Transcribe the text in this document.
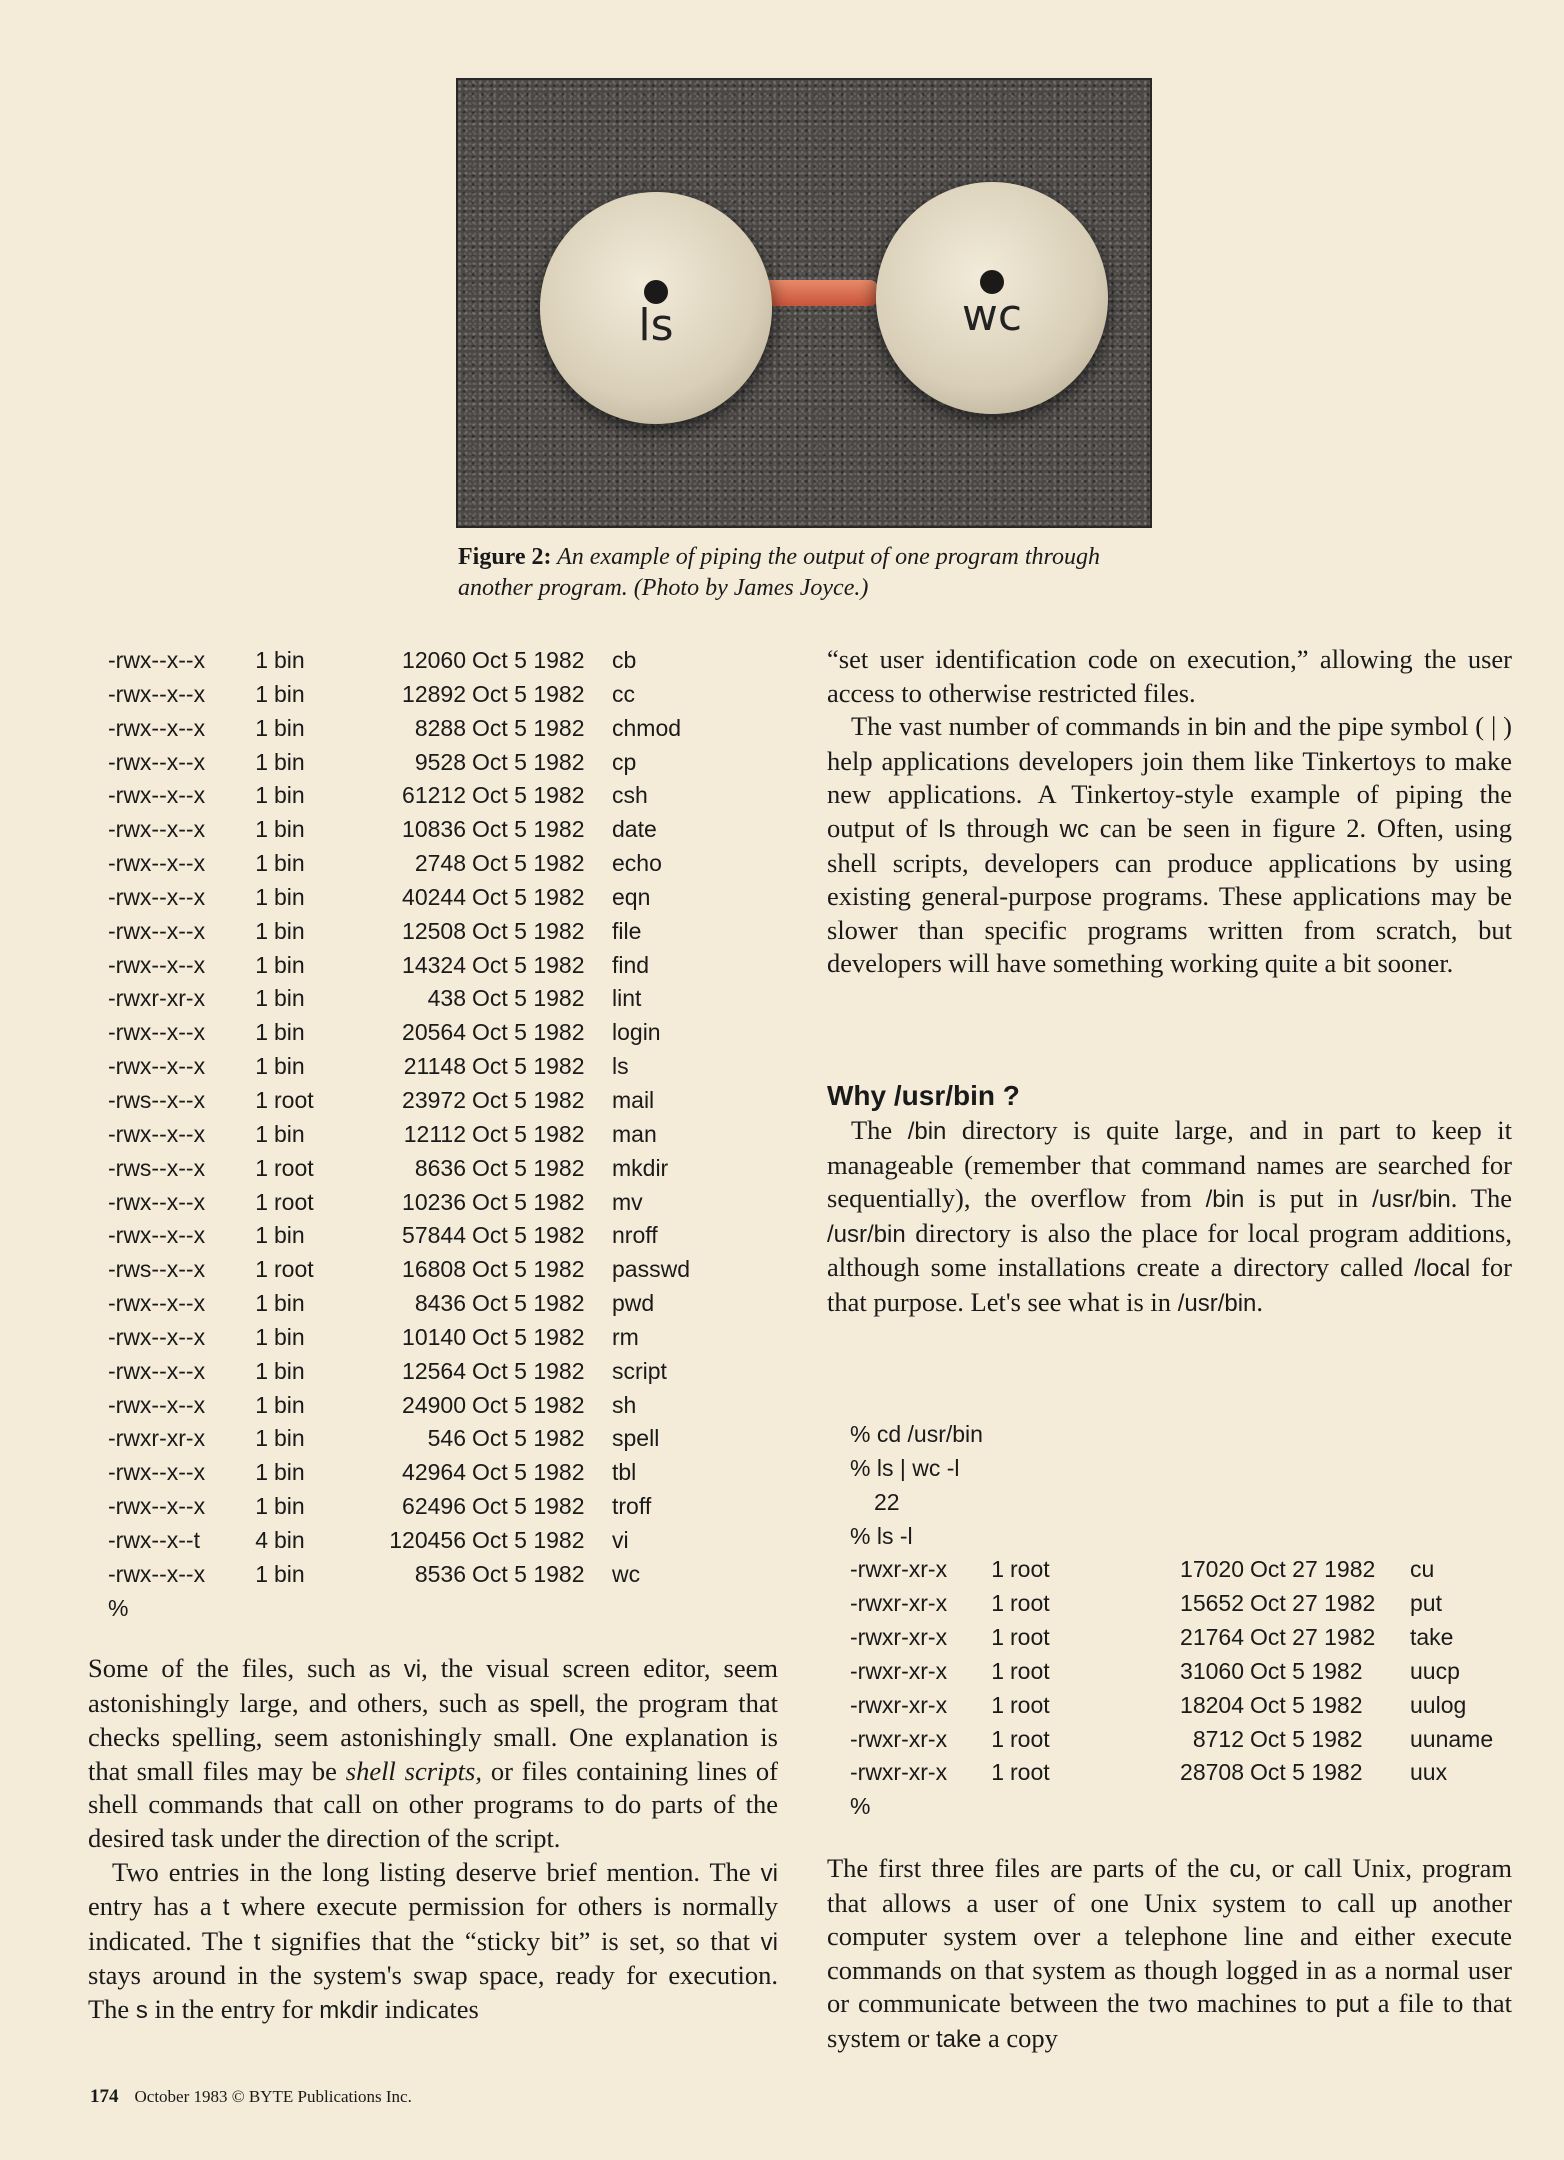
ls	wc
Figure 2: An example of piping the output of one program through another program. (Photo by James Joyce.)
-rwx--x--x	1 bin	12060 Oct 5 1982	cb
-rwx--x--x	1 bin	12892 Oct 5 1982	cc
-rwx--x--x	1 bin	8288 Oct 5 1982	chmod
-rwx--x--x	1 bin	9528 Oct 5 1982	cp
-rwx--x--x	1 bin	61212 Oct 5 1982	csh
-rwx--x--x	1 bin	10836 Oct 5 1982	date
-rwx--x--x	1 bin	2748 Oct 5 1982	echo
-rwx--x--x	1 bin	40244 Oct 5 1982	eqn
-rwx--x--x	1 bin	12508 Oct 5 1982	file
-rwx--x--x	1 bin	14324 Oct 5 1982	find
-rwxr-xr-x	1 bin	438 Oct 5 1982	lint
-rwx--x--x	1 bin	20564 Oct 5 1982	login
-rwx--x--x	1 bin	21148 Oct 5 1982	ls
-rws--x--x	1 root	23972 Oct 5 1982	mail
-rwx--x--x	1 bin	12112 Oct 5 1982	man
-rws--x--x	1 root	8636 Oct 5 1982	mkdir
-rwx--x--x	1 root	10236 Oct 5 1982	mv
-rwx--x--x	1 bin	57844 Oct 5 1982	nroff
-rws--x--x	1 root	16808 Oct 5 1982	passwd
-rwx--x--x	1 bin	8436 Oct 5 1982	pwd
-rwx--x--x	1 bin	10140 Oct 5 1982	rm
-rwx--x--x	1 bin	12564 Oct 5 1982	script
-rwx--x--x	1 bin	24900 Oct 5 1982	sh
-rwxr-xr-x	1 bin	546 Oct 5 1982	spell
-rwx--x--x	1 bin	42964 Oct 5 1982	tbl
-rwx--x--x	1 bin	62496 Oct 5 1982	troff
-rwx--x--t	4 bin	120456 Oct 5 1982	vi
-rwx--x--x	1 bin	8536 Oct 5 1982	wc
%

Some of the files, such as vi, the visual screen editor, seem astonishingly large, and others, such as spell, the program that checks spelling, seem astonishingly small. One explanation is that small files may be shell scripts, or files containing lines of shell commands that call on other programs to do parts of the desired task under the direction of the script.

Two entries in the long listing deserve brief mention. The vi entry has a t where execute permission for others is normally indicated. The t signifies that the “sticky bit” is set, so that vi stays around in the system's swap space, ready for execution. The s in the entry for mkdir indicates

“set user identification code on execution,” allowing the user access to otherwise restricted files.

The vast number of commands in bin and the pipe symbol ( | ) help applications developers join them like Tinkertoys to make new applications. A Tinkertoy-style example of piping the output of ls through wc can be seen in figure 2. Often, using shell scripts, developers can produce applications by using existing general-purpose programs. These applications may be slower than specific programs written from scratch, but developers will have something working quite a bit sooner.

Why /usr/bin ?

The /bin directory is quite large, and in part to keep it manageable (remember that command names are searched for sequentially), the overflow from /bin is put in /usr/bin. The /usr/bin directory is also the place for local program additions, although some installations create a directory called /local for that purpose. Let's see what is in /usr/bin.

% cd /usr/bin
% ls | wc -l
22
% ls -l
-rwxr-xr-x	1 root	17020 Oct 27 1982	cu
-rwxr-xr-x	1 root	15652 Oct 27 1982	put
-rwxr-xr-x	1 root	21764 Oct 27 1982	take
-rwxr-xr-x	1 root	31060 Oct 5 1982	uucp
-rwxr-xr-x	1 root	18204 Oct 5 1982	uulog
-rwxr-xr-x	1 root	8712 Oct 5 1982	uuname
-rwxr-xr-x	1 root	28708 Oct 5 1982	uux
%

The first three files are parts of the cu, or call Unix, program that allows a user of one Unix system to call up another computer system over a telephone line and either execute commands on that system as though logged in as a normal user or communicate between the two machines to put a file to that system or take a copy

174 October 1983 © BYTE Publications Inc.
